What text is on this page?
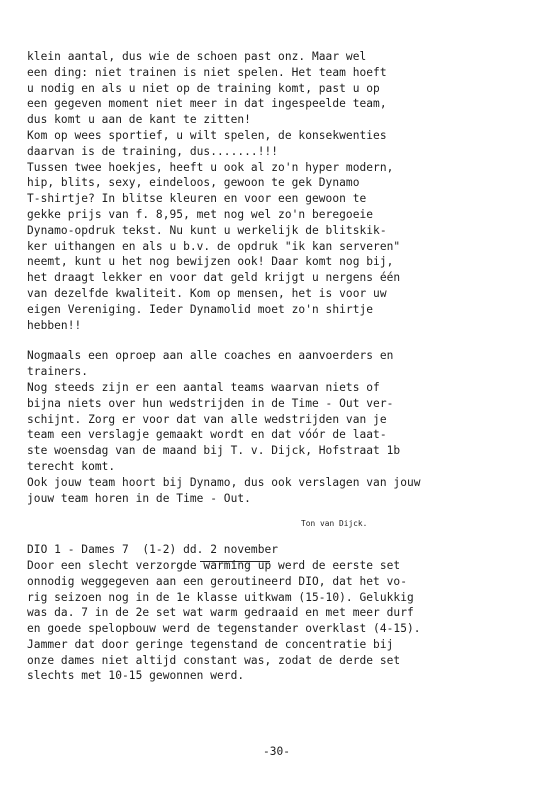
klein aantal, dus wie de schoen past onz. Maar wel
een ding: niet trainen is niet spelen. Het team hoeft
u nodig en als u niet op de training komt, past u op
een gegeven moment niet meer in dat ingespeelde team,
dus komt u aan de kant te zitten!
Kom op wees sportief, u wilt spelen, de konsekwenties
daarvan is de training, dus.......!!!
Tussen twee hoekjes, heeft u ook al zo'n hyper modern,
hip, blits, sexy, eindeloos, gewoon te gek Dynamo
T-shirtje? In blitse kleuren en voor een gewoon te
gekke prijs van f. 8,95, met nog wel zo'n beregoeie
Dynamo-opdruk tekst. Nu kunt u werkelijk de blitskik-
ker uithangen en als u b.v. de opdruk "ik kan serveren"
neemt, kunt u het nog bewijzen ook! Daar komt nog bij,
het draagt lekker en voor dat geld krijgt u nergens één
van dezelfde kwaliteit. Kom op mensen, het is voor uw
eigen Vereniging. Ieder Dynamolid moet zo'n shirtje
hebben!!
Nogmaals een oproep aan alle coaches en aanvoerders en
trainers.
Nog steeds zijn er een aantal teams waarvan niets of
bijna niets over hun wedstrijden in de Time - Out ver-
schijnt. Zorg er voor dat van alle wedstrijden van je
team een verslagje gemaakt wordt en dat vóór de laat-
ste woensdag van de maand bij T. v. Dijck, Hofstraat 1b
terecht komt.
Ook jouw team hoort bij Dynamo, dus ook verslagen van jouw
jouw team horen in de Time - Out.
Ton van Dijck.
DIO 1 - Dames 7  (1-2) dd. 2 november
Door een slecht verzorgde warming up werd de eerste set
onnodig weggegeven aan een geroutineerd DIO, dat het vo-
rig seizoen nog in de 1e klasse uitkwam (15-10). Gelukkig
was da. 7 in de 2e set wat warm gedraaid en met meer durf
en goede spelopbouw werd de tegenstander overklast (4-15).
Jammer dat door geringe tegenstand de concentratie bij
onze dames niet altijd constant was, zodat de derde set
slechts met 10-15 gewonnen werd.
-30-
